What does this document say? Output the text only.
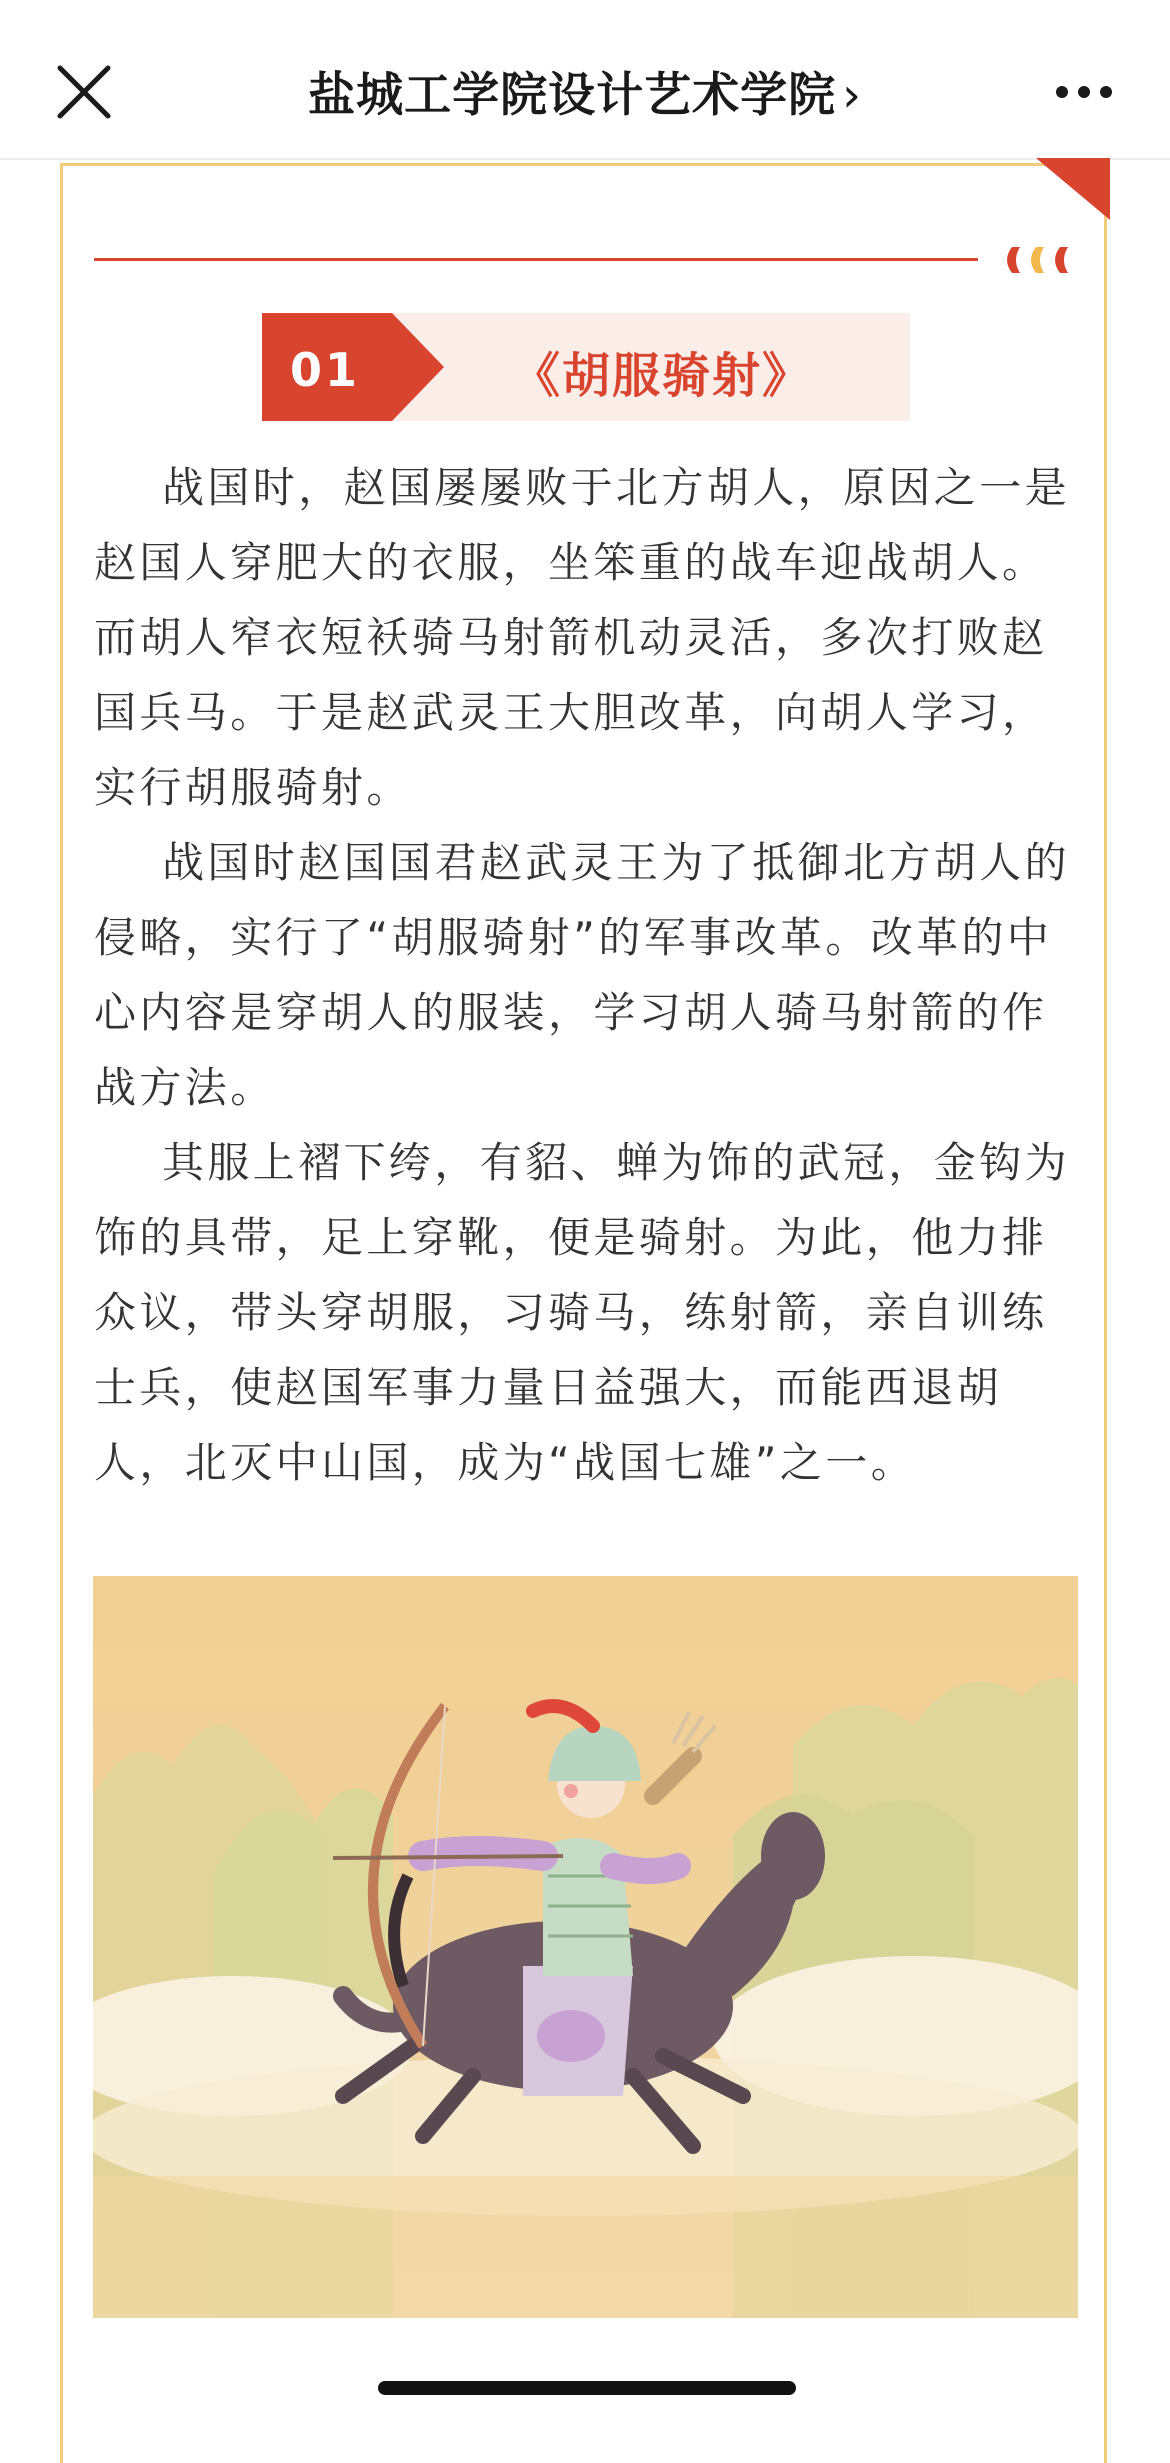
盐城工学院设计艺术学院 ›
01	《胡服骑射》

战国时，赵国屡屡败于北方胡人，原因之一是赵国人穿肥大的衣服，坐笨重的战车迎战胡人。而胡人窄衣短袄骑马射箭机动灵活，多次打败赵国兵马。于是赵武灵王大胆改革，向胡人学习，实行胡服骑射。

战国时赵国国君赵武灵王为了抵御北方胡人的侵略，实行了“胡服骑射”的军事改革。改革的中心内容是穿胡人的服装，学习胡人骑马射箭的作战方法。

其服上褶下绔，有貂、蝉为饰的武冠，金钩为饰的具带，足上穿靴，便是骑射。为此，他力排众议，带头穿胡服，习骑马，练射箭，亲自训练士兵，使赵国军事力量日益强大，而能西退胡人，北灭中山国，成为“战国七雄”之一。
